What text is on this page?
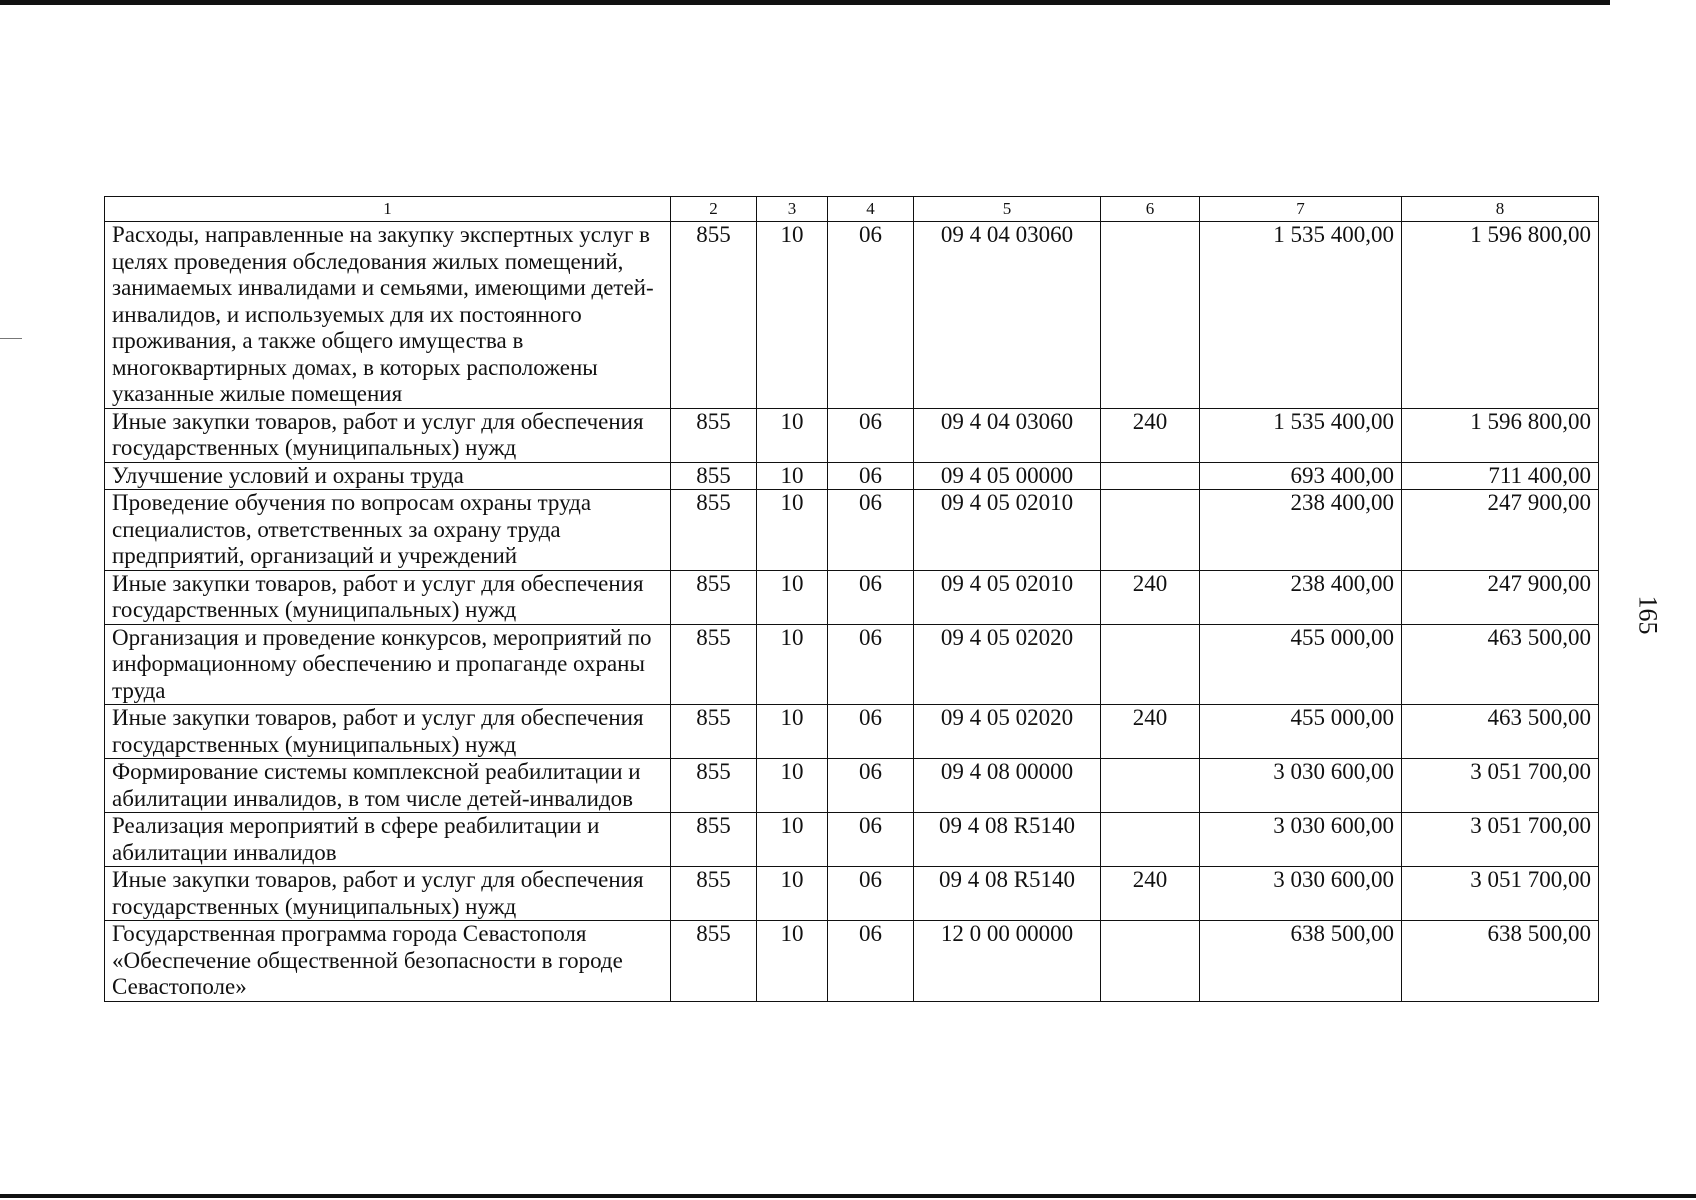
1	2	3	4	5	6	7	8
Расходы, направленные на закупку экспертных услуг в целях проведения обследования жилых помещений, занимаемых инвалидами и семьями, имеющими детей-инвалидов, и используемых для их постоянного проживания, а также общего имущества в многоквартирных домах, в которых расположены указанные жилые помещения	855	10	06	09 4 04 03060		1 535 400,00	1 596 800,00
Иные закупки товаров, работ и услуг для обеспечения государственных (муниципальных) нужд	855	10	06	09 4 04 03060	240	1 535 400,00	1 596 800,00
Улучшение условий и охраны труда	855	10	06	09 4 05 00000		693 400,00	711 400,00
Проведение обучения по вопросам охраны труда специалистов, ответственных за охрану труда предприятий, организаций и учреждений	855	10	06	09 4 05 02010		238 400,00	247 900,00
Иные закупки товаров, работ и услуг для обеспечения государственных (муниципальных) нужд	855	10	06	09 4 05 02010	240	238 400,00	247 900,00
Организация и проведение конкурсов, мероприятий по информационному обеспечению и пропаганде охраны труда	855	10	06	09 4 05 02020		455 000,00	463 500,00
Иные закупки товаров, работ и услуг для обеспечения государственных (муниципальных) нужд	855	10	06	09 4 05 02020	240	455 000,00	463 500,00
Формирование системы комплексной реабилитации и абилитации инвалидов, в том числе детей-инвалидов	855	10	06	09 4 08 00000		3 030 600,00	3 051 700,00
Реализация мероприятий в сфере реабилитации и абилитации инвалидов	855	10	06	09 4 08 R5140		3 030 600,00	3 051 700,00
Иные закупки товаров, работ и услуг для обеспечения государственных (муниципальных) нужд	855	10	06	09 4 08 R5140	240	3 030 600,00	3 051 700,00
Государственная программа города Севастополя «Обеспечение общественной безопасности в городе Севастополе»	855	10	06	12 0 00 00000		638 500,00	638 500,00
165
